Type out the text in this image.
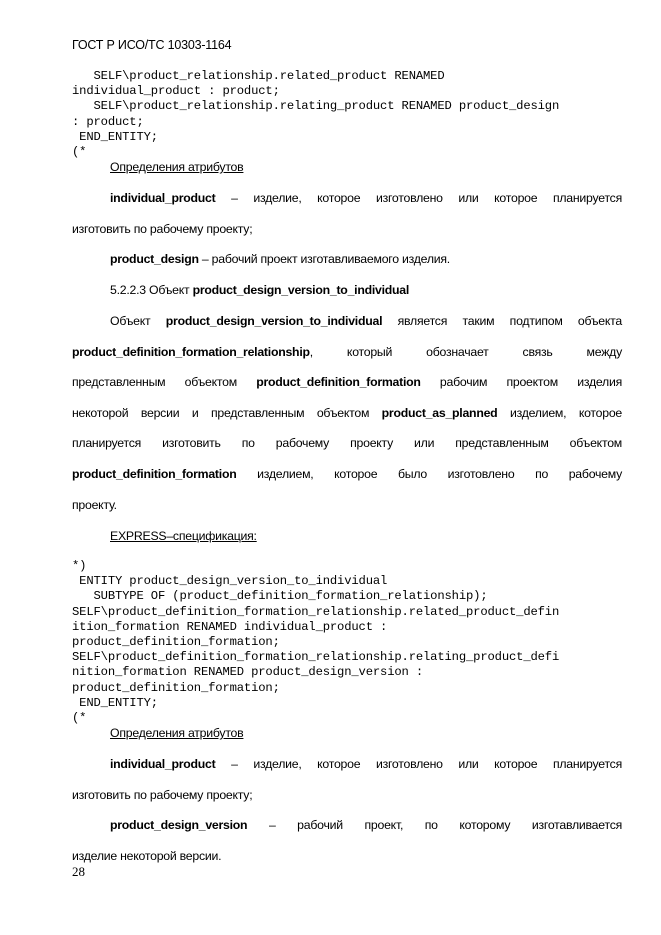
ГОСТ Р ИСО/ТС 10303-1164
SELF\product_relationship.related_product RENAMED
individual_product : product;
SELF\product_relationship.relating_product RENAMED product_design
: product;
END_ENTITY;
(*
Определения атрибутов
individual_product – изделие, которое изготовлено или которое планируется
изготовить по рабочему проекту;
product_design – рабочий проект изготавливаемого изделия.
5.2.2.3 Объект product_design_version_to_individual
Объект product_design_version_to_individual является таким подтипом объекта
product_definition_formation_relationship, который обозначает связь между
представленным объектом product_definition_formation рабочим проектом изделия
некоторой версии и представленным объектом product_as_planned изделием, которое
планируется изготовить по рабочему проекту или представленным объектом
product_definition_formation изделием, которое было изготовлено по рабочему
проекту.
EXPRESS–спецификация:
*)
ENTITY product_design_version_to_individual
SUBTYPE OF (product_definition_formation_relationship);
SELF\product_definition_formation_relationship.related_product_defin
ition_formation RENAMED individual_product :
product_definition_formation;
SELF\product_definition_formation_relationship.relating_product_defi
nition_formation RENAMED product_design_version :
product_definition_formation;
END_ENTITY;
(*
Определения атрибутов
individual_product – изделие, которое изготовлено или которое планируется
изготовить по рабочему проекту;
product_design_version – рабочий проект, по которому изготавливается
изделие некоторой версии.
28
